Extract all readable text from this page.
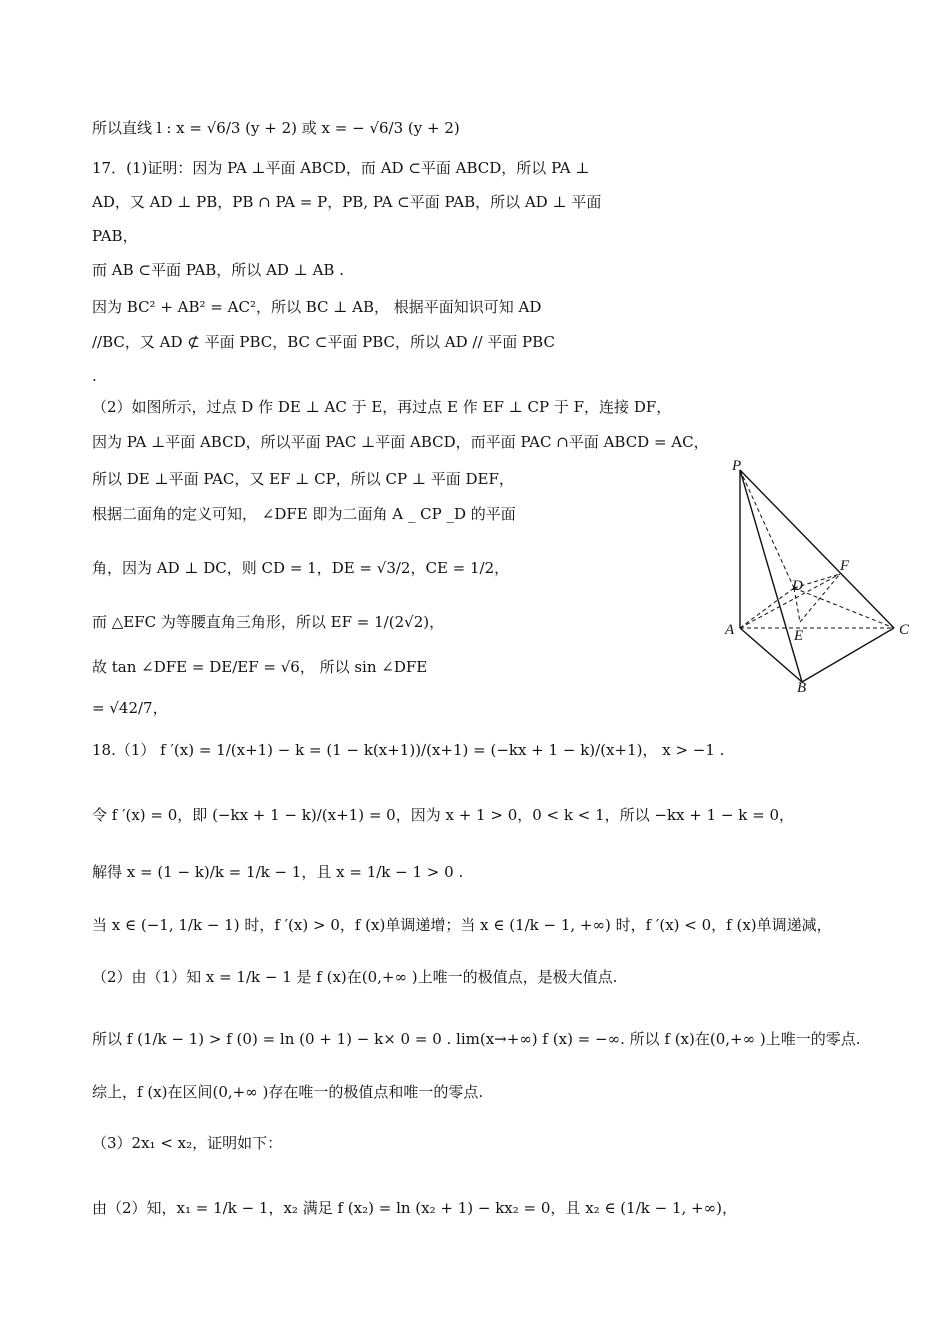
所以直线 l : x = √6/3 (y + 2) 或 x = − √6/3 (y + 2)
17．(1)证明：因为 PA ⊥平面 ABCD，而 AD ⊂平面 ABCD，所以 PA ⊥
AD，又 AD ⊥ PB，PB ∩ PA = P，PB, PA ⊂平面 PAB，所以 AD ⊥ 平面
PAB，
而 AB ⊂平面 PAB，所以 AD ⊥ AB .
因为 BC² + AB² = AC²，所以 BC ⊥ AB， 根据平面知识可知 AD
//BC，又 AD ⊄ 平面 PBC，BC ⊂平面 PBC，所以 AD // 平面 PBC
.
（2）如图所示，过点 D 作 DE ⊥ AC 于 E，再过点 E 作 EF ⊥ CP 于 F，连接 DF，
因为 PA ⊥平面 ABCD，所以平面 PAC ⊥平面 ABCD，而平面 PAC ∩平面 ABCD = AC，
所以 DE ⊥平面 PAC，又 EF ⊥ CP，所以 CP ⊥ 平面 DEF，
根据二面角的定义可知， ∠DFE 即为二面角 A _ CP _D 的平面
角，因为 AD ⊥ DC，则 CD = 1，DE = √3/2，CE = 1/2，
而 △EFC 为等腰直角三角形，所以 EF = 1/(2√2)，
故 tan ∠DFE = DE/EF = √6， 所以 sin ∠DFE
= √42/7，
18.（1） f ′(x) = 1/(x+1) − k = (1 − k(x+1))/(x+1) = (−kx + 1 − k)/(x+1)， x > −1 .
令 f ′(x) = 0，即 (−kx + 1 − k)/(x+1) = 0，因为 x + 1 > 0，0 < k < 1，所以 −kx + 1 − k = 0，
解得 x = (1 − k)/k = 1/k − 1，且 x = 1/k − 1 > 0 .
当 x ∈ (−1, 1/k − 1) 时，f ′(x) > 0，f (x)单调递增；当 x ∈ (1/k − 1, +∞) 时，f ′(x) < 0，f (x)单调递减，
（2）由（1）知 x = 1/k − 1 是 f (x)在(0,+∞ )上唯一的极值点，是极大值点.
所以 f (1/k − 1) > f (0) = ln (0 + 1) − k× 0 = 0 . lim(x→+∞) f (x) = −∞. 所以 f (x)在(0,+∞ )上唯一的零点.
综上，f (x)在区间(0,+∞ )存在唯一的极值点和唯一的零点.
（3）2x₁ < x₂，证明如下：
由（2）知，x₁ = 1/k − 1，x₂ 满足 f (x₂) = ln (x₂ + 1) − kx₂ = 0，且 x₂ ∈ (1/k − 1, +∞)，
P
A
B
C
D
E
F
